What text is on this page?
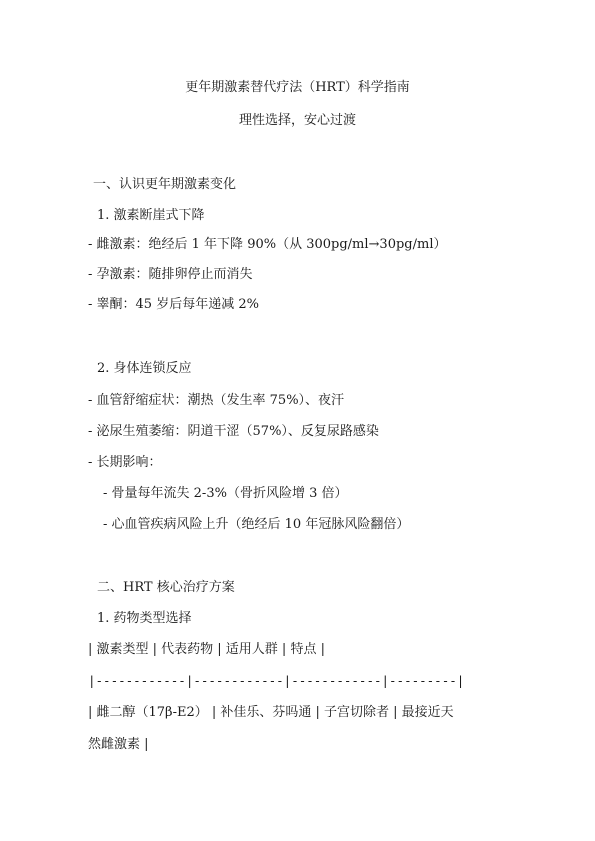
更年期激素替代疗法（HRT）科学指南
理性选择，安心过渡
一、认识更年期激素变化
1. 激素断崖式下降
- 雌激素：绝经后 1 年下降 90%（从 300pg/ml→30pg/ml）
- 孕激素：随排卵停止而消失
- 睾酮：45 岁后每年递减 2%
2. 身体连锁反应
- 血管舒缩症状：潮热（发生率 75%）、夜汗
- 泌尿生殖萎缩：阴道干涩（57%）、反复尿路感染
- 长期影响：
- 骨量每年流失 2-3%（骨折风险增 3 倍）
- 心血管疾病风险上升（绝经后 10 年冠脉风险翻倍）
二、HRT 核心治疗方案
1. 药物类型选择
| 激素类型 | 代表药物 | 适用人群 | 特点 |
|------------|------------|------------|---------|
| 雌二醇（17β-E2） | 补佳乐、芬吗通 | 子宫切除者 | 最接近天
然雌激素 |
